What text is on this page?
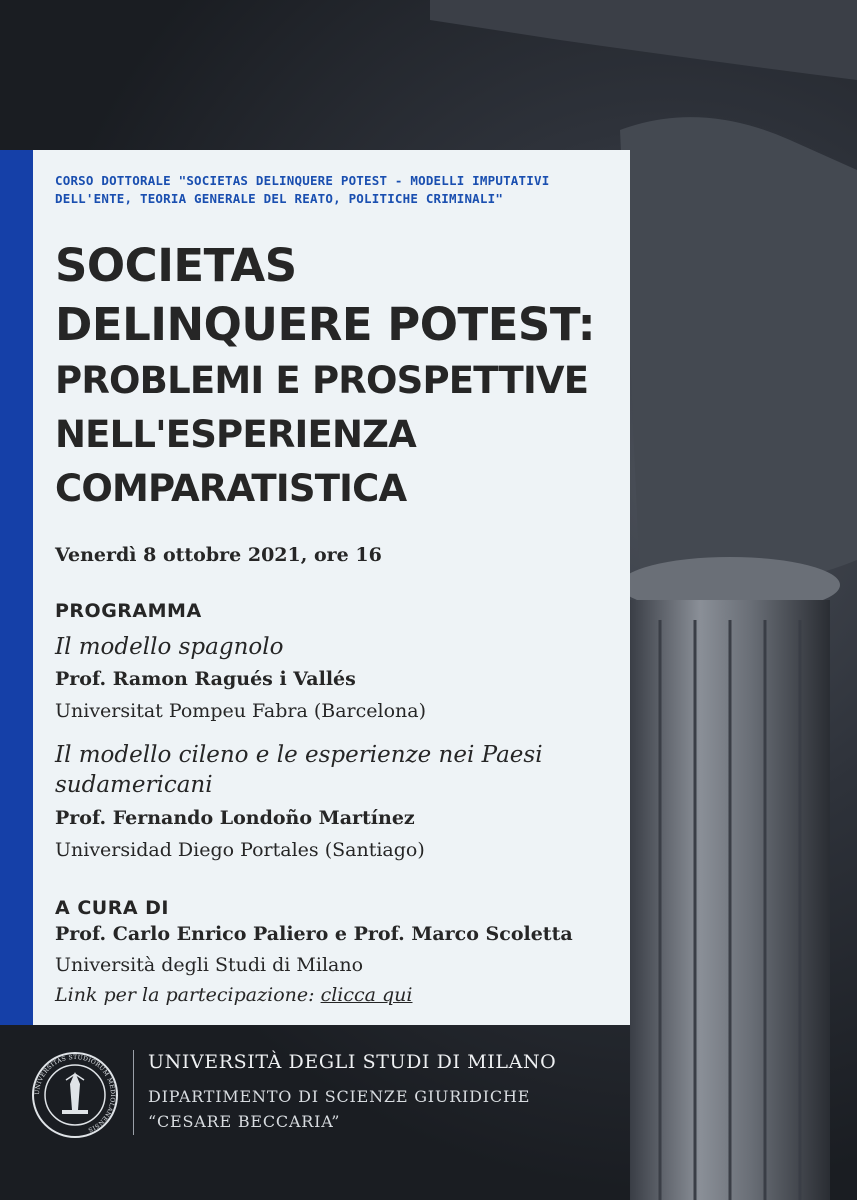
CORSO DOTTORALE "SOCIETAS DELINQUERE POTEST - MODELLI IMPUTATIVI DELL'ENTE, TEORIA GENERALE DEL REATO, POLITICHE CRIMINALI"
SOCIETAS
DELINQUERE POTEST:
PROBLEMI E PROSPETTIVE
NELL'ESPERIENZA
COMPARATISTICA
Venerdì 8 ottobre 2021, ore 16
PROGRAMMA
Il modello spagnolo
Prof. Ramon Ragués i Vallés
Universitat Pompeu Fabra (Barcelona)
Il modello cileno e le esperienze nei Paesi sudamericani
Prof. Fernando Londoño Martínez
Universidad Diego Portales (Santiago)
A CURA DI
Prof. Carlo Enrico Paliero e Prof. Marco Scoletta
Università degli Studi di Milano
Link per la partecipazione: clicca qui
UNIVERSITAS STUDIORUM MEDIOLANENSIS
UNIVERSITÀ DEGLI STUDI DI MILANO
DIPARTIMENTO DI SCIENZE GIURIDICHE
“CESARE BECCARIA”
